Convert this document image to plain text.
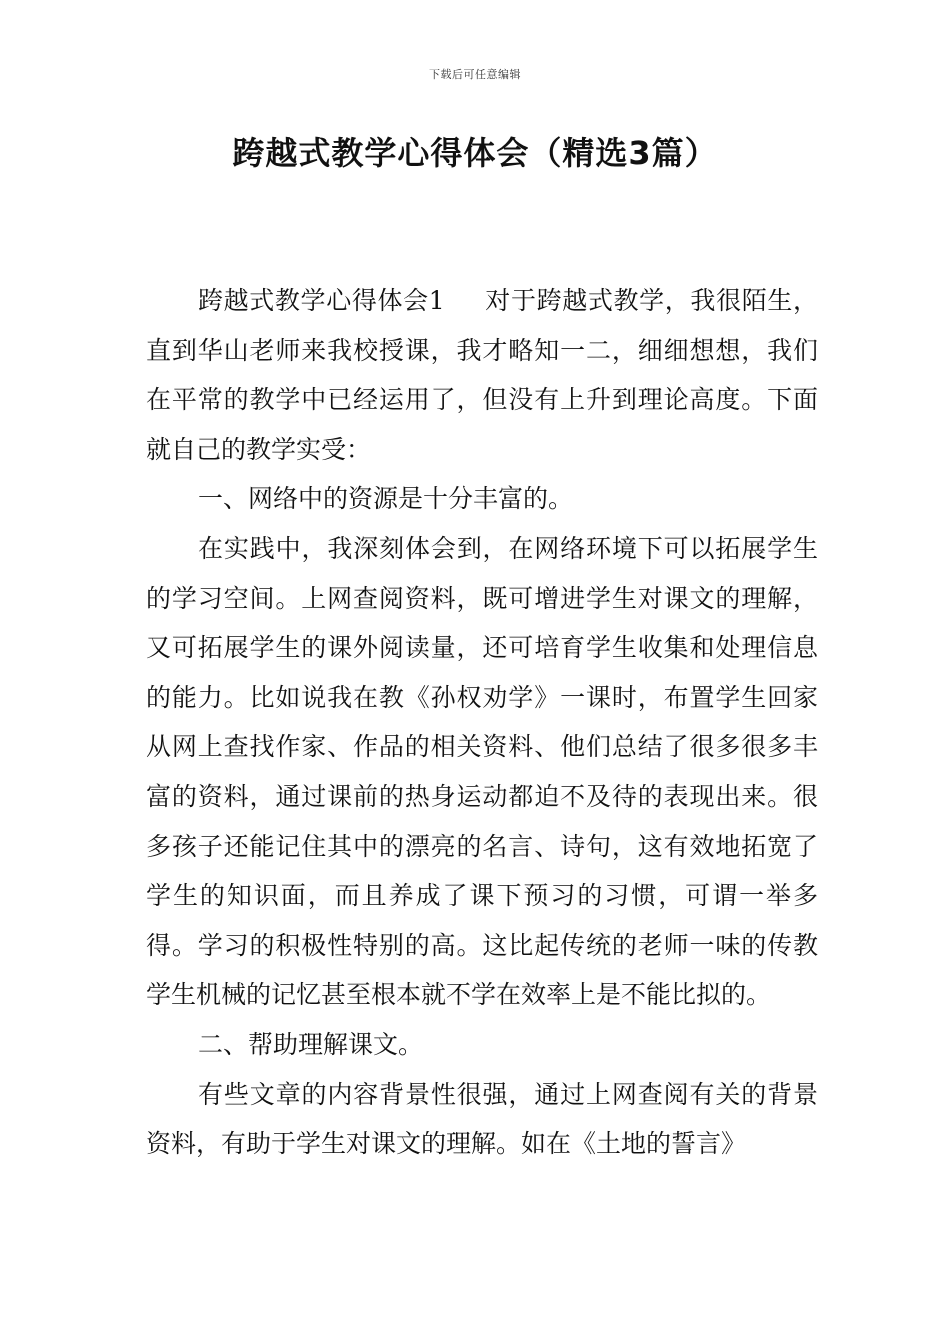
下载后可任意编辑
跨越式教学心得体会（精选3篇）

跨越式教学心得体会1 对于跨越式教学，我很陌生，直到华山老师来我校授课，我才略知一二，细细想想，我们在平常的教学中已经运用了，但没有上升到理论高度。下面就自己的教学实受：

一、网络中的资源是十分丰富的。

在实践中，我深刻体会到，在网络环境下可以拓展学生的学习空间。上网查阅资料，既可增进学生对课文的理解，又可拓展学生的课外阅读量，还可培育学生收集和处理信息的能力。比如说我在教《孙权劝学》一课时，布置学生回家从网上查找作家、作品的相关资料、他们总结了很多很多丰富的资料，通过课前的热身运动都迫不及待的表现出来。很多孩子还能记住其中的漂亮的名言、诗句，这有效地拓宽了学生的知识面，而且养成了课下预习的习惯，可谓一举多得。学习的积极性特别的高。这比起传统的老师一味的传教学生机械的记忆甚至根本就不学在效率上是不能比拟的。

二、帮助理解课文。

有些文章的内容背景性很强，通过上网查阅有关的背景资料，有助于学生对课文的理解。如在《土地的誓言》
